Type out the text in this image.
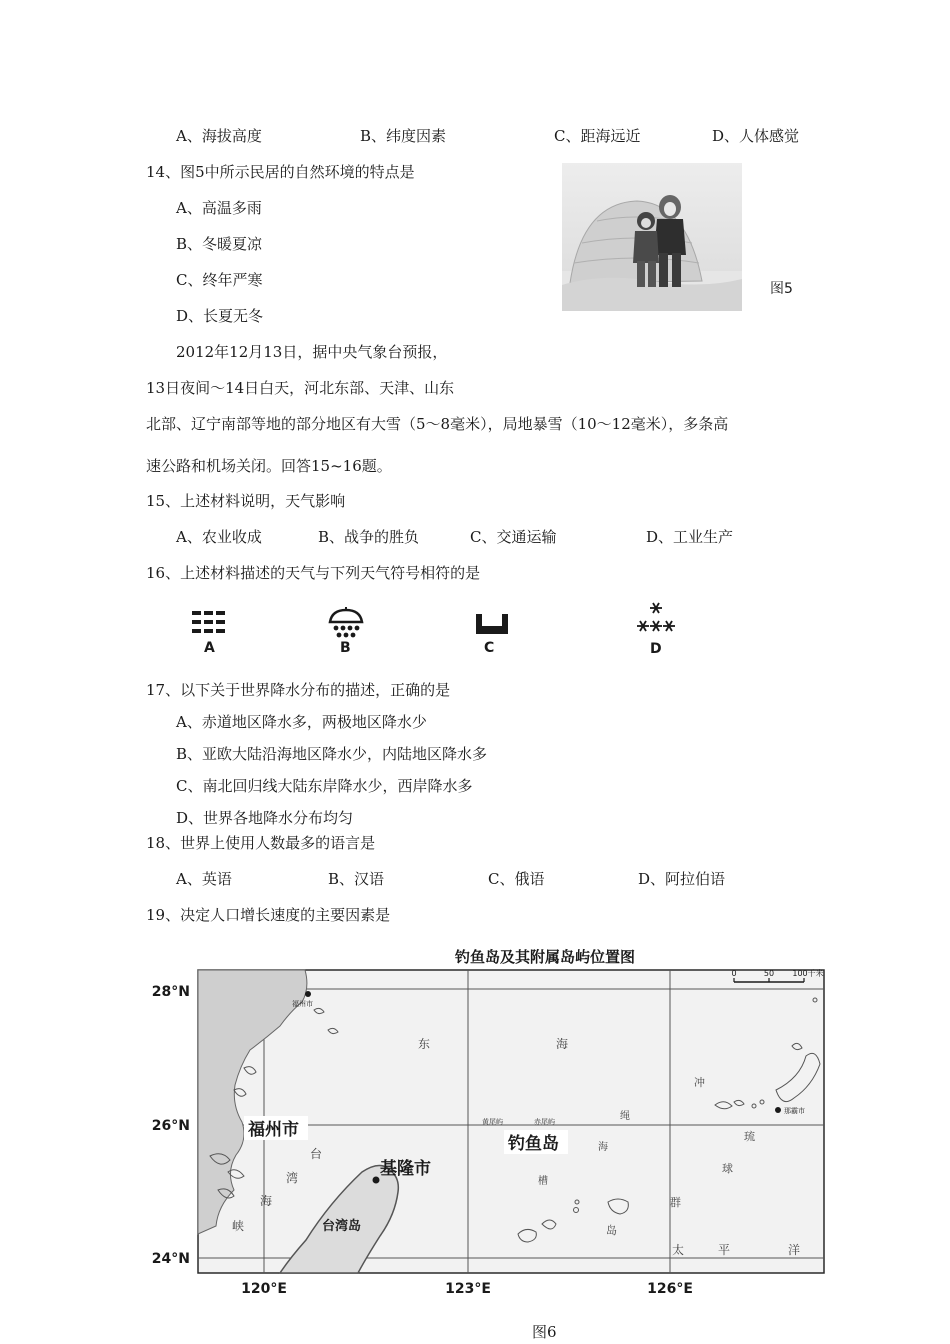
A、海拔高度	B、纬度因素	C、距海远近	D、人体感觉
14、图5中所示民居的自然环境的特点是
A、高温多雨
B、冬暖夏凉
C、终年严寒
D、长夏无冬
图5
2012年12月13日，据中央气象台预报，
13日夜间～14日白天，河北东部、天津、山东
北部、辽宁南部等地的部分地区有大雪（5～8毫米），局地暴雪（10～12毫米），多条高
速公路和机场关闭。回答15~16题。
15、上述材料说明，天气影响
A、农业收成	B、战争的胜负	C、交通运输	D、工业生产
16、上述材料描述的天气与下列天气符号相符的是
A	B	C	D
17、以下关于世界降水分布的描述，正确的是
A、赤道地区降水多，两极地区降水少
B、亚欧大陆沿海地区降水少，内陆地区降水多
C、南北回归线大陆东岸降水少，西岸降水多
D、世界各地降水分布均匀
18、世界上使用人数最多的语言是
A、英语	B、汉语	C、俄语	D、阿拉伯语
19、决定人口增长速度的主要因素是
钓鱼岛及其附属岛屿位置图
28°N
26°N
24°N
120°E	123°E	126°E
0	50 100千米
福州市
福州市
基隆市
钓鱼岛
台湾岛
黄尾屿	赤尾屿
那霸市
东	海
台
湾
海
峡
绳
海
槽
冲
琉
球
群
岛
太	平	洋
图6
